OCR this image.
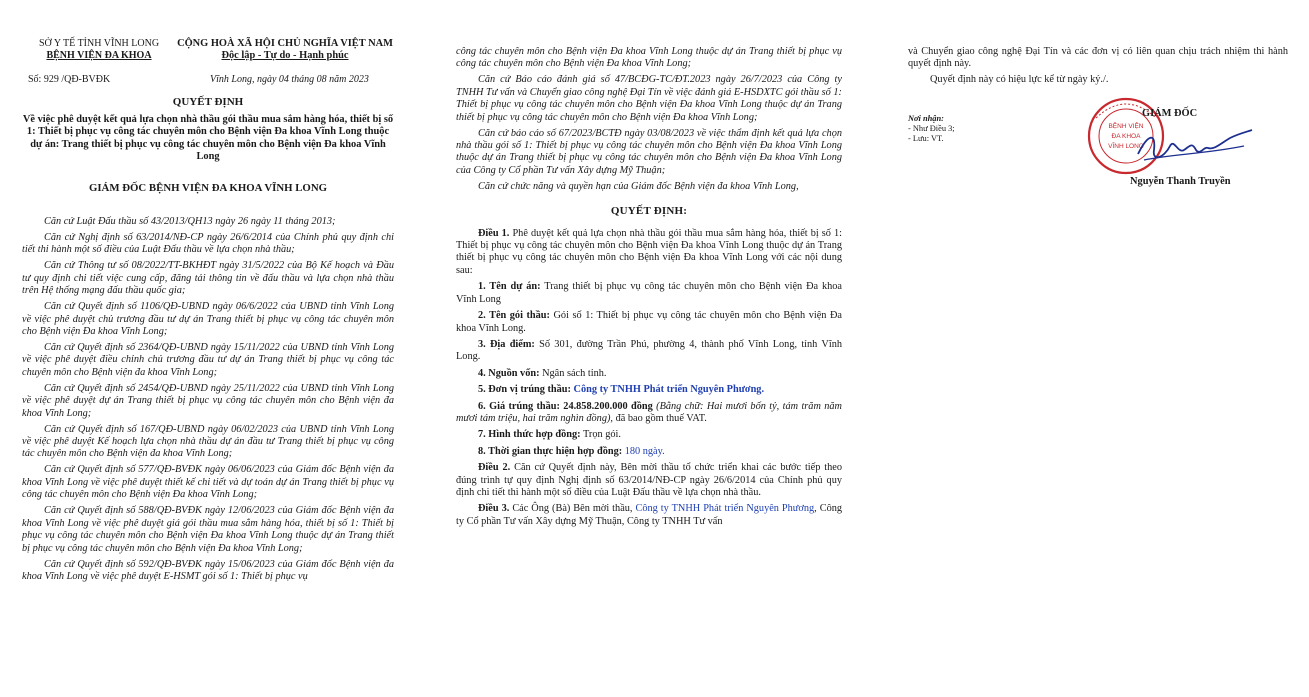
SỞ Y TẾ TỈNH VĨNH LONG
BỆNH VIỆN ĐA KHOA
CỘNG HOÀ XÃ HỘI CHỦ NGHĨA VIỆT NAM
Độc lập - Tự do - Hạnh phúc
Số: 929 /QĐ-BVĐK	Vĩnh Long, ngày 04 tháng 08 năm 2023
QUYẾT ĐỊNH
Về việc phê duyệt kết quả lựa chọn nhà thầu gói thầu mua sắm hàng hóa, thiết bị số 1: Thiết bị phục vụ công tác chuyên môn cho Bệnh viện Đa khoa Vĩnh Long thuộc dự án: Trang thiết bị phục vụ công tác chuyên môn cho Bệnh viện Đa khoa Vĩnh Long
GIÁM ĐỐC BỆNH VIỆN ĐA KHOA VĨNH LONG

Căn cứ Luật Đấu thầu số 43/2013/QH13 ngày 26 ngày 11 tháng 2013;

Căn cứ Nghị định số 63/2014/NĐ-CP ngày 26/6/2014 của Chính phủ quy định chi tiết thi hành một số điều của Luật Đấu thầu về lựa chọn nhà thầu;

Căn cứ Thông tư số 08/2022/TT-BKHĐT ngày 31/5/2022 của Bộ Kế hoạch và Đầu tư quy định chi tiết việc cung cấp, đăng tải thông tin về đấu thầu và lựa chọn nhà thầu trên Hệ thống mạng đấu thầu quốc gia;

Căn cứ Quyết định số 1106/QĐ-UBND ngày 06/6/2022 của UBND tỉnh Vĩnh Long về việc phê duyệt chủ trương đầu tư dự án Trang thiết bị phục vụ công tác chuyên môn cho Bệnh viện Đa khoa Vĩnh Long;

Căn cứ Quyết định số 2364/QĐ-UBND ngày 15/11/2022 của UBND tỉnh Vĩnh Long về việc phê duyệt điều chỉnh chủ trương đầu tư dự án Trang thiết bị phục vụ công tác chuyên môn cho Bệnh viện đa khoa Vĩnh Long;

Căn cứ Quyết định số 2454/QĐ-UBND ngày 25/11/2022 của UBND tỉnh Vĩnh Long về việc phê duyệt dự án Trang thiết bị phục vụ công tác chuyên môn cho Bệnh viện đa khoa Vĩnh Long;

Căn cứ Quyết định số 167/QĐ-UBND ngày 06/02/2023 của UBND tỉnh Vĩnh Long về việc phê duyệt Kế hoạch lựa chọn nhà thầu dự án đầu tư Trang thiết bị phục vụ công tác chuyên môn cho Bệnh viện đa khoa Vĩnh Long;

Căn cứ Quyết định số 577/QĐ-BVĐK ngày 06/06/2023 của Giám đốc Bệnh viện đa khoa Vĩnh Long về việc phê duyệt thiết kế chi tiết và dự toán dự án Trang thiết bị phục vụ công tác chuyên môn cho Bệnh viện Đa khoa Vĩnh Long;

Căn cứ Quyết định số 588/QĐ-BVĐK ngày 12/06/2023 của Giám đốc Bệnh viện đa khoa Vĩnh Long về việc phê duyệt giá gói thầu mua sắm hàng hóa, thiết bị số 1: Thiết bị phục vụ công tác chuyên môn cho Bệnh viện Đa khoa Vĩnh Long thuộc dự án Trang thiết bị phục vụ công tác chuyên môn cho Bệnh viện Đa khoa Vĩnh Long;

Căn cứ Quyết định số 592/QĐ-BVĐK ngày 15/06/2023 của Giám đốc Bệnh viện đa khoa Vĩnh Long về việc phê duyệt E-HSMT gói số 1: Thiết bị phục vụ

công tác chuyên môn cho Bệnh viện Đa khoa Vĩnh Long thuộc dự án Trang thiết bị phục vụ công tác chuyên môn cho Bệnh viện Đa khoa Vĩnh Long;

Căn cứ Báo cáo đánh giá số 47/BCĐG-TC/ĐT.2023 ngày 26/7/2023 của Công ty TNHH Tư vấn và Chuyển giao công nghệ Đại Tín về việc đánh giá E-HSDXTC gói thầu số 1: Thiết bị phục vụ công tác chuyên môn cho Bệnh viện Đa khoa Vĩnh Long thuộc dự án Trang thiết bị phục vụ công tác chuyên môn cho Bệnh viện Đa khoa Vĩnh Long;

Căn cứ báo cáo số 67/2023/BCTĐ ngày 03/08/2023 về việc thẩm định kết quả lựa chọn nhà thầu gói số 1: Thiết bị phục vụ công tác chuyên môn cho Bệnh viện Đa khoa Vĩnh Long thuộc dự án Trang thiết bị phục vụ công tác chuyên môn cho Bệnh viện Đa khoa Vĩnh Long của Công ty Cổ phần Tư vấn Xây dựng Mỹ Thuận;

Căn cứ chức năng và quyền hạn của Giám đốc Bệnh viện đa khoa Vĩnh Long,

QUYẾT ĐỊNH:

Điều 1. Phê duyệt kết quả lựa chọn nhà thầu gói thầu mua sắm hàng hóa, thiết bị số 1: Thiết bị phục vụ công tác chuyên môn cho Bệnh viện Đa khoa Vĩnh Long thuộc dự án Trang thiết bị phục vụ công tác chuyên môn cho Bệnh viện Đa khoa Vĩnh Long với các nội dung sau:

1. Tên dự án: Trang thiết bị phục vụ công tác chuyên môn cho Bệnh viện Đa khoa Vĩnh Long

2. Tên gói thầu: Gói số 1: Thiết bị phục vụ công tác chuyên môn cho Bệnh viện Đa khoa Vĩnh Long.

3. Địa điểm: Số 301, đường Trần Phú, phường 4, thành phố Vĩnh Long, tỉnh Vĩnh Long.

4. Nguồn vốn: Ngân sách tỉnh.

5. Đơn vị trúng thầu: Công ty TNHH Phát triển Nguyên Phương.

6. Giá trúng thầu: 24.858.200.000 đồng (Bằng chữ: Hai mươi bốn tỷ, tám trăm năm mươi tám triệu, hai trăm nghìn đồng), đã bao gồm thuế VAT.

7. Hình thức hợp đồng: Trọn gói.

8. Thời gian thực hiện hợp đồng: 180 ngày.

Điều 2. Căn cứ Quyết định này, Bên mời thầu tổ chức triển khai các bước tiếp theo đúng trình tự quy định Nghị định số 63/2014/NĐ-CP ngày 26/6/2014 của Chính phủ quy định chi tiết thi hành một số điều của Luật Đấu thầu về lựa chọn nhà thầu.

Điều 3. Các Ông (Bà) Bên mời thầu, Công ty TNHH Phát triển Nguyên Phương, Công ty Cổ phần Tư vấn Xây dựng Mỹ Thuận, Công ty TNHH Tư vấn

và Chuyển giao công nghệ Đại Tín và các đơn vị có liên quan chịu trách nhiệm thi hành quyết định này.

Quyết định này có hiệu lực kể từ ngày ký./.

Nơi nhận:
- Như Điều 3;
- Lưu: VT.
BỆNH VIỆN
ĐA KHOA
VĨNH LONG
GIÁM ĐỐC
Nguyễn Thanh Truyền
